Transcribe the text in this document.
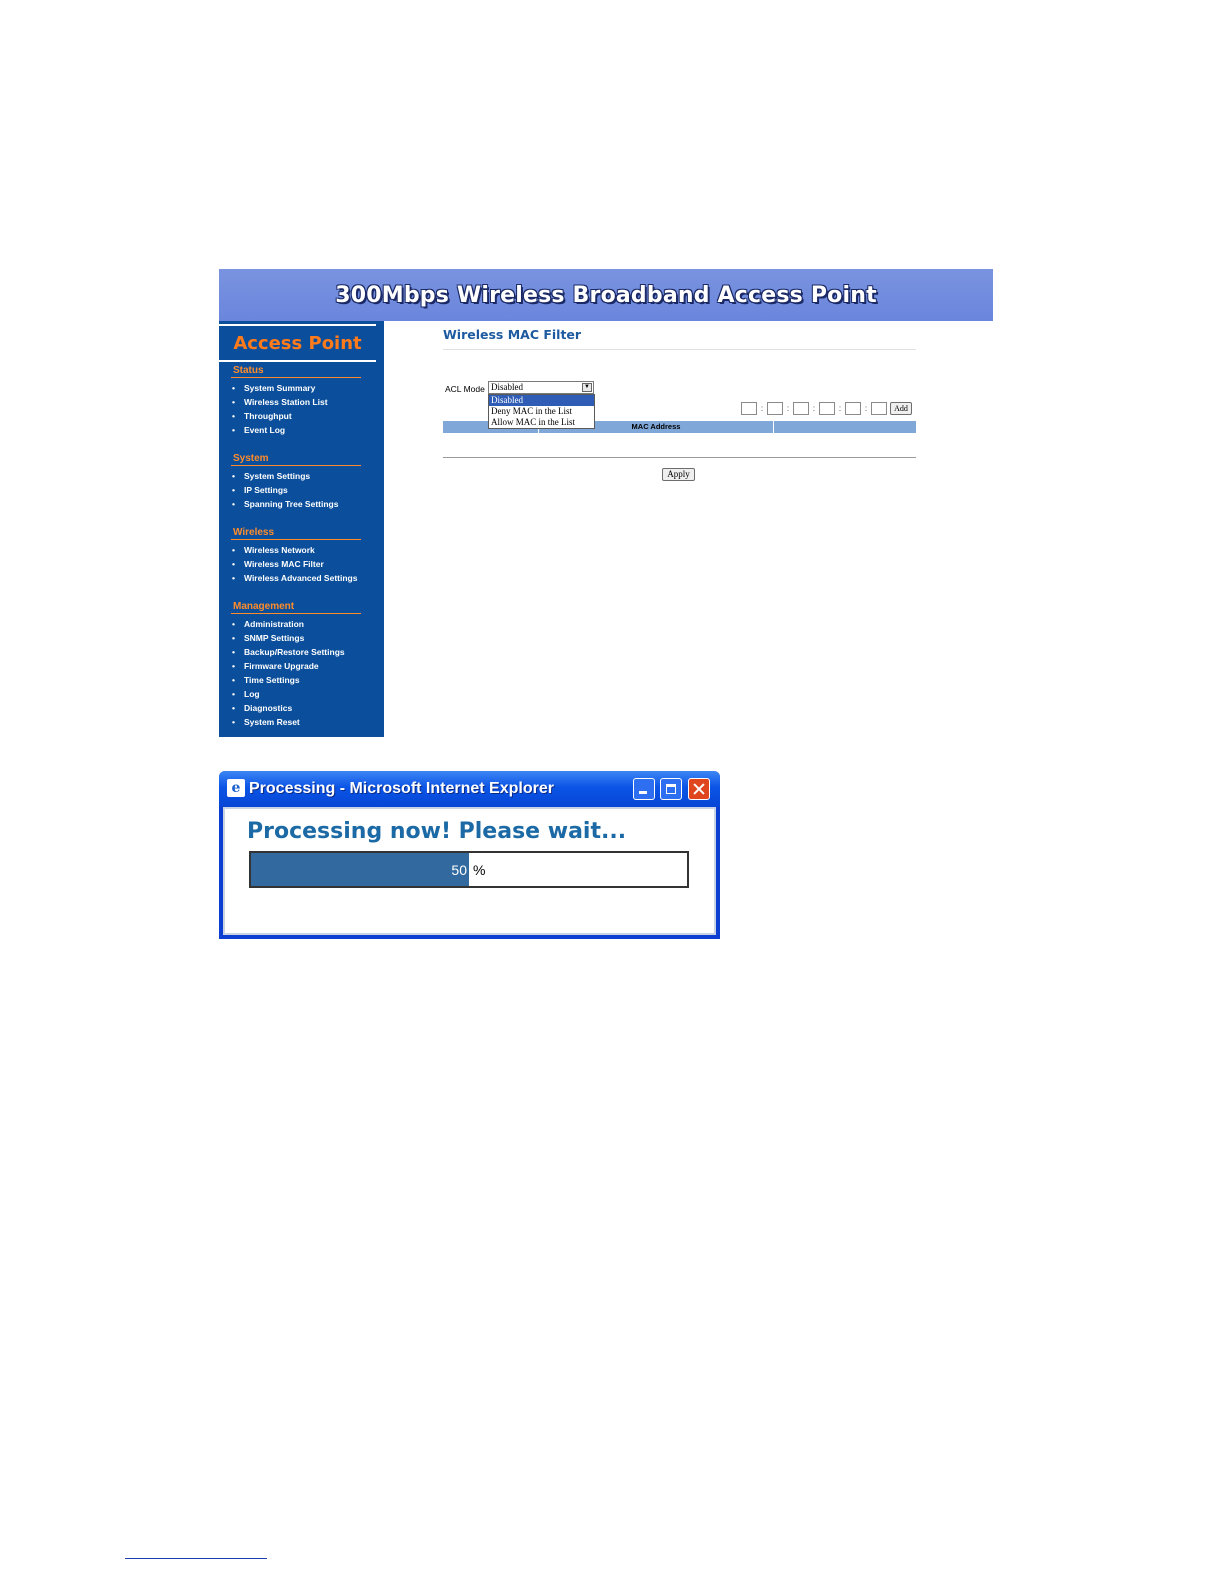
300Mbps Wireless Broadband Access Point
Access Point
Status
• System Summary
• Wireless Station List
• Throughput
• Event Log
System
• System Settings
• IP Settings
• Spanning Tree Settings
Wireless
• Wireless Network
• Wireless MAC Filter
• Wireless Advanced Settings
Management
• Administration
• SNMP Settings
• Backup/Restore Settings
• Firmware Upgrade
• Time Settings
• Log
• Diagnostics
• System Reset
Wireless MAC Filter
ACL Mode Disabled	▼
Disabled
Deny MAC in the List
Allow MAC in the List
:	:	:	:	:	Add
MAC Address
Apply
e Processing - Microsoft Internet Explorer
Processing now! Please wait...
50 %
